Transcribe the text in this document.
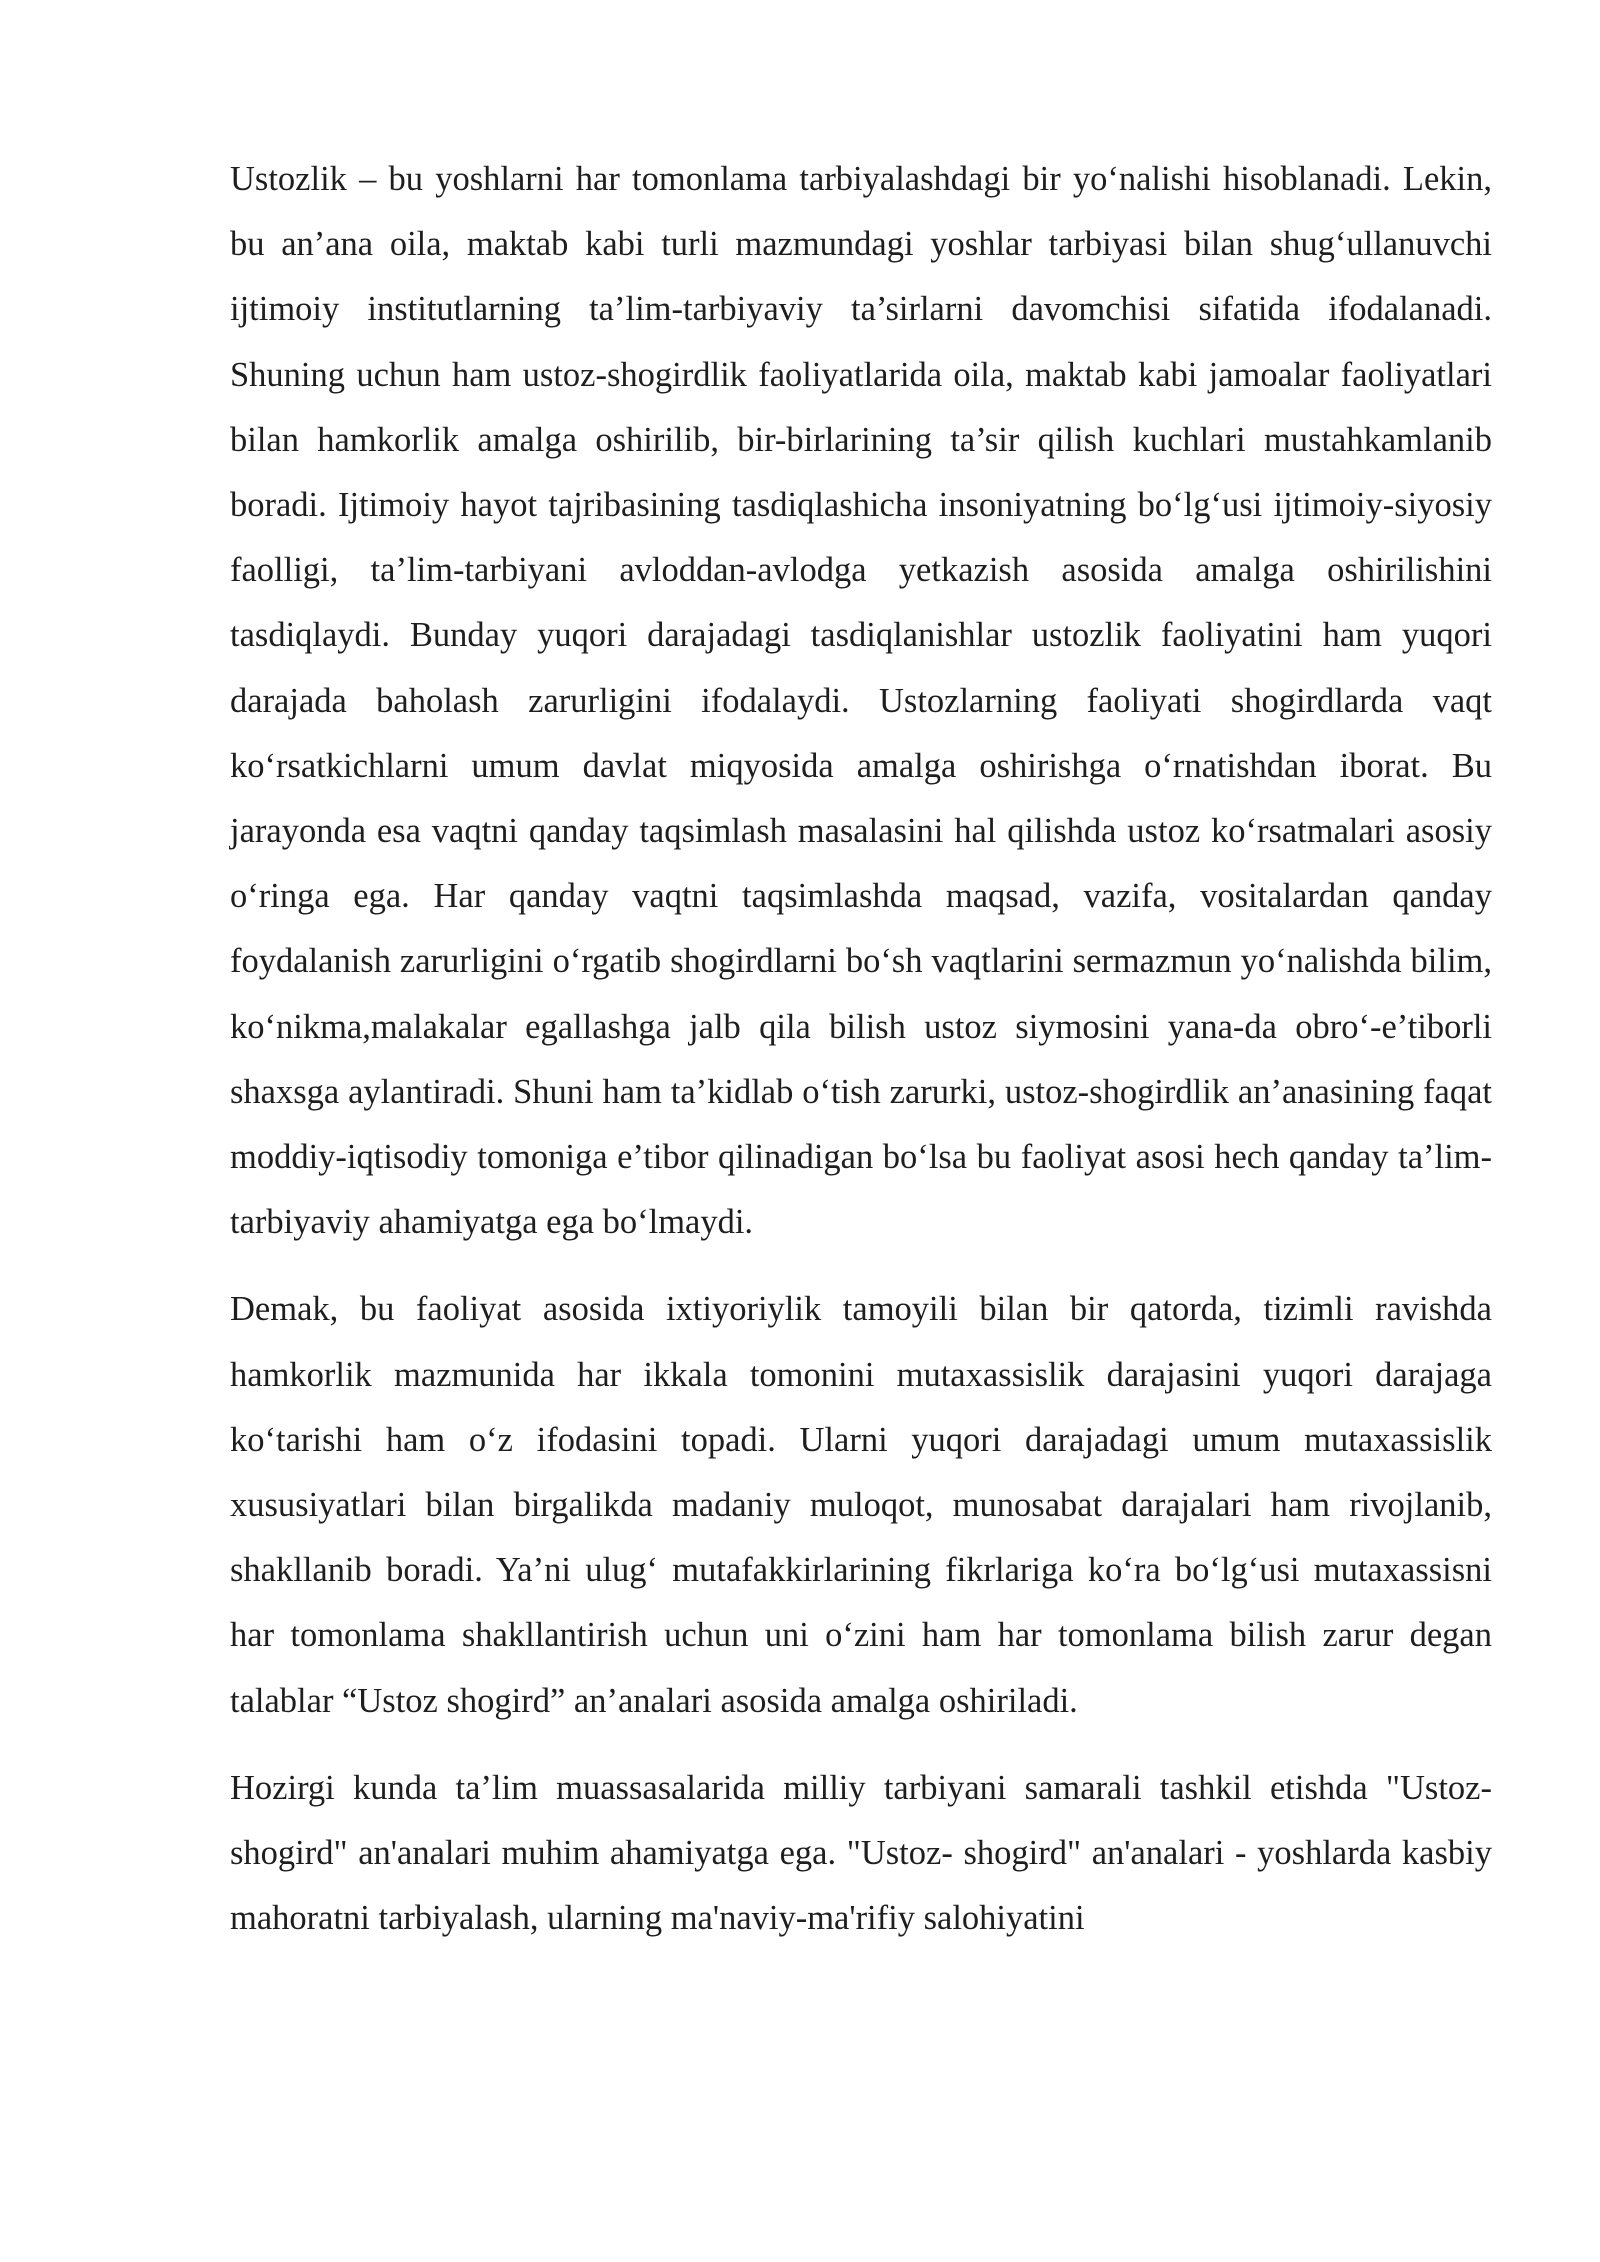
Ustozlik – bu yoshlarni har tomonlama tarbiyalashdagi bir yo‘nalishi hisoblanadi. Lekin, bu an’ana oila, maktab kabi turli mazmundagi yoshlar tarbiyasi bilan shug‘ullanuvchi ijtimoiy institutlarning ta’lim-tarbiyaviy ta’sirlarni davomchisi sifatida ifodalanadi. Shuning uchun ham ustoz-shogirdlik faoliyatlarida oila, maktab kabi jamoalar faoliyatlari bilan hamkorlik amalga oshirilib, bir-birlarining ta’sir qilish kuchlari mustahkamlanib boradi. Ijtimoiy hayot tajribasining tasdiqlashicha insoniyatning bo‘lg‘usi ijtimoiy-siyosiy faolligi, ta’lim-tarbiyani avloddan-avlodga yetkazish asosida amalga oshirilishini tasdiqlaydi. Bunday yuqori darajadagi tasdiqlanishlar ustozlik faoliyatini ham yuqori darajada baholash zarurligini ifodalaydi. Ustozlarning faoliyati shogirdlarda vaqt ko‘rsatkichlarni umum davlat miqyosida amalga oshirishga o‘rnatishdan iborat. Bu jarayonda esa vaqtni qanday taqsimlash masalasini hal qilishda ustoz ko‘rsatmalari asosiy o‘ringa ega. Har qanday vaqtni taqsimlashda maqsad, vazifa, vositalardan qanday foydalanish zarurligini o‘rgatib shogirdlarni bo‘sh vaqtlarini sermazmun yo‘nalishda bilim, ko‘nikma,malakalar egallashga jalb qila bilish ustoz siymosini yana-da obro‘-e’tiborli shaxsga aylantiradi. Shuni ham ta’kidlab o‘tish zarurki, ustoz-shogirdlik an’anasining faqat moddiy-iqtisodiy tomoniga e’tibor qilinadigan bo‘lsa bu faoliyat asosi hech qanday ta’lim-tarbiyaviy ahamiyatga ega bo‘lmaydi.

Demak, bu faoliyat asosida ixtiyoriylik tamoyili bilan bir qatorda, tizimli ravishda hamkorlik mazmunida har ikkala tomonini mutaxassislik darajasini yuqori darajaga ko‘tarishi ham o‘z ifodasini topadi. Ularni yuqori darajadagi umum mutaxassislik xususiyatlari bilan birgalikda madaniy muloqot, munosabat darajalari ham rivojlanib, shakllanib boradi. Ya’ni ulug‘ mutafakkirlarining fikrlariga ko‘ra bo‘lg‘usi mutaxassisni har tomonlama shakllantirish uchun uni o‘zini ham har tomonlama bilish zarur degan talablar “Ustoz shogird” an’analari asosida amalga oshiriladi.

Hozirgi kunda ta’lim muassasalarida milliy tarbiyani samarali tashkil etishda "Ustoz-shogird" an'analari muhim ahamiyatga ega. "Ustoz- shogird" an'analari - yoshlarda kasbiy mahoratni tarbiyalash, ularning ma'naviy-ma'rifiy salohiyatini
